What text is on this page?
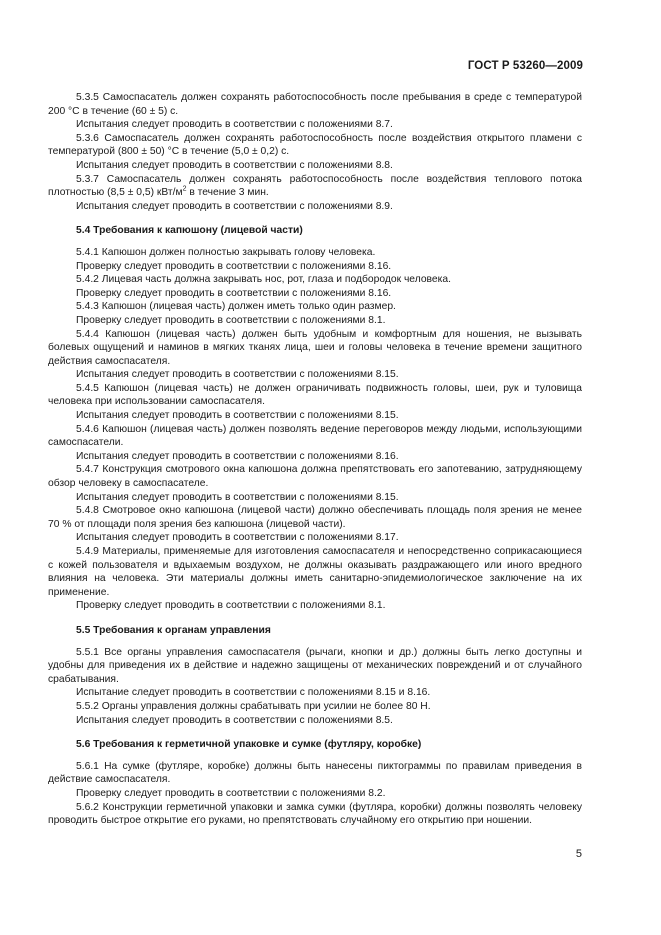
ГОСТ Р 53260—2009

5.3.5 Самоспасатель должен сохранять работоспособность после пребывания в среде с температурой 200 °С в течение (60 ± 5) с.

Испытания следует проводить в соответствии с положениями 8.7.

5.3.6 Самоспасатель должен сохранять работоспособность после воздействия открытого пламени с температурой (800 ± 50) °С в течение (5,0 ± 0,2) с.

Испытания следует проводить в соответствии с положениями 8.8.

5.3.7 Самоспасатель должен сохранять работоспособность после воздействия теплового потока плотностью (8,5 ± 0,5) кВт/$м^2$ в течение 3 мин.

Испытания следует проводить в соответствии с положениями 8.9.

5.4 Требования к капюшону (лицевой части)

5.4.1 Капюшон должен полностью закрывать голову человека.

Проверку следует проводить в соответствии с положениями 8.16.

5.4.2 Лицевая часть должна закрывать нос, рот, глаза и подбородок человека.

Проверку следует проводить в соответствии с положениями 8.16.

5.4.3 Капюшон (лицевая часть) должен иметь только один размер.

Проверку следует проводить в соответствии с положениями 8.1.

5.4.4 Капюшон (лицевая часть) должен быть удобным и комфортным для ношения, не вызывать болевых ощущений и наминов в мягких тканях лица, шеи и головы человека в течение времени защитного действия самоспасателя.

Испытания следует проводить в соответствии с положениями 8.15.

5.4.5 Капюшон (лицевая часть) не должен ограничивать подвижность головы, шеи, рук и туловища человека при использовании самоспасателя.

Испытания следует проводить в соответствии с положениями 8.15.

5.4.6 Капюшон (лицевая часть) должен позволять ведение переговоров между людьми, использующими самоспасатели.

Испытания следует проводить в соответствии с положениями 8.16.

5.4.7 Конструкция смотрового окна капюшона должна препятствовать его запотеванию, затрудняющему обзор человеку в самоспасателе.

Испытания следует проводить в соответствии с положениями 8.15.

5.4.8 Смотровое окно капюшона (лицевой части) должно обеспечивать площадь поля зрения не менее 70 % от площади поля зрения без капюшона (лицевой части).

Испытания следует проводить в соответствии с положениями 8.17.

5.4.9 Материалы, применяемые для изготовления самоспасателя и непосредственно соприкасающиеся с кожей пользователя и вдыхаемым воздухом, не должны оказывать раздражающего или иного вредного влияния на человека. Эти материалы должны иметь санитарно-эпидемиологическое заключение на их применение.

Проверку следует проводить в соответствии с положениями 8.1.

5.5 Требования к органам управления

5.5.1 Все органы управления самоспасателя (рычаги, кнопки и др.) должны быть легко доступны и удобны для приведения их в действие и надежно защищены от механических повреждений и от случайного срабатывания.

Испытание следует проводить в соответствии с положениями 8.15 и 8.16.

5.5.2 Органы управления должны срабатывать при усилии не более 80 Н.

Испытания следует проводить в соответствии с положениями 8.5.

5.6 Требования к герметичной упаковке и сумке (футляру, коробке)

5.6.1 На сумке (футляре, коробке) должны быть нанесены пиктограммы по правилам приведения в действие самоспасателя.

Проверку следует проводить в соответствии с положениями 8.2.

5.6.2 Конструкции герметичной упаковки и замка сумки (футляра, коробки) должны позволять человеку проводить быстрое открытие его руками, но препятствовать случайному его открытию при ношении.

5
